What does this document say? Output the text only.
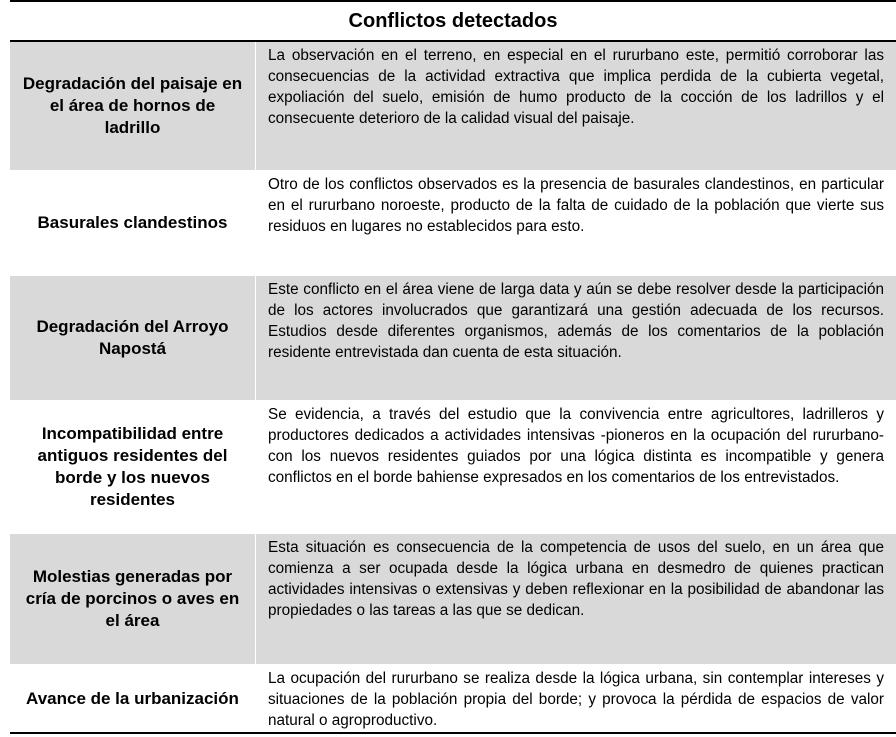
Conflictos detectados
Degradación del paisaje en el área de hornos de ladrillo
La observación en el terreno, en especial en el rururbano este, permitió corroborar las consecuencias de la actividad extractiva que implica perdida de la cubierta vegetal, expoliación del suelo, emisión de humo producto de la cocción de los ladrillos y el consecuente deterioro de la calidad visual del paisaje.
Basurales clandestinos
Otro de los conflictos observados es la presencia de basurales clandestinos, en particular en el rururbano noroeste, producto de la falta de cuidado de la población que vierte sus residuos en lugares no establecidos para esto.
Degradación del Arroyo Napostá
Este conflicto en el área viene de larga data y aún se debe resolver desde la participación de los actores involucrados que garantizará una gestión adecuada de los recursos. Estudios desde diferentes organismos, además de los comentarios de la población residente entrevistada dan cuenta de esta situación.
Incompatibilidad entre antiguos residentes del borde y los nuevos residentes
Se evidencia, a través del estudio que la convivencia entre agricultores, ladrilleros y productores dedicados a actividades intensivas -pioneros en la ocupación del rururbano- con los nuevos residentes guiados por una lógica distinta es incompatible y genera conflictos en el borde bahiense expresados en los comentarios de los entrevistados.
Molestias generadas por cría de porcinos o aves en el área
Esta situación es consecuencia de la competencia de usos del suelo, en un área que comienza a ser ocupada desde la lógica urbana en desmedro de quienes practican actividades intensivas o extensivas y deben reflexionar en la posibilidad de abandonar las propiedades o las tareas a las que se dedican.
Avance de la urbanización
La ocupación del rururbano se realiza desde la lógica urbana, sin contemplar intereses y situaciones de la población propia del borde; y provoca la pérdida de espacios de valor natural o agroproductivo.
